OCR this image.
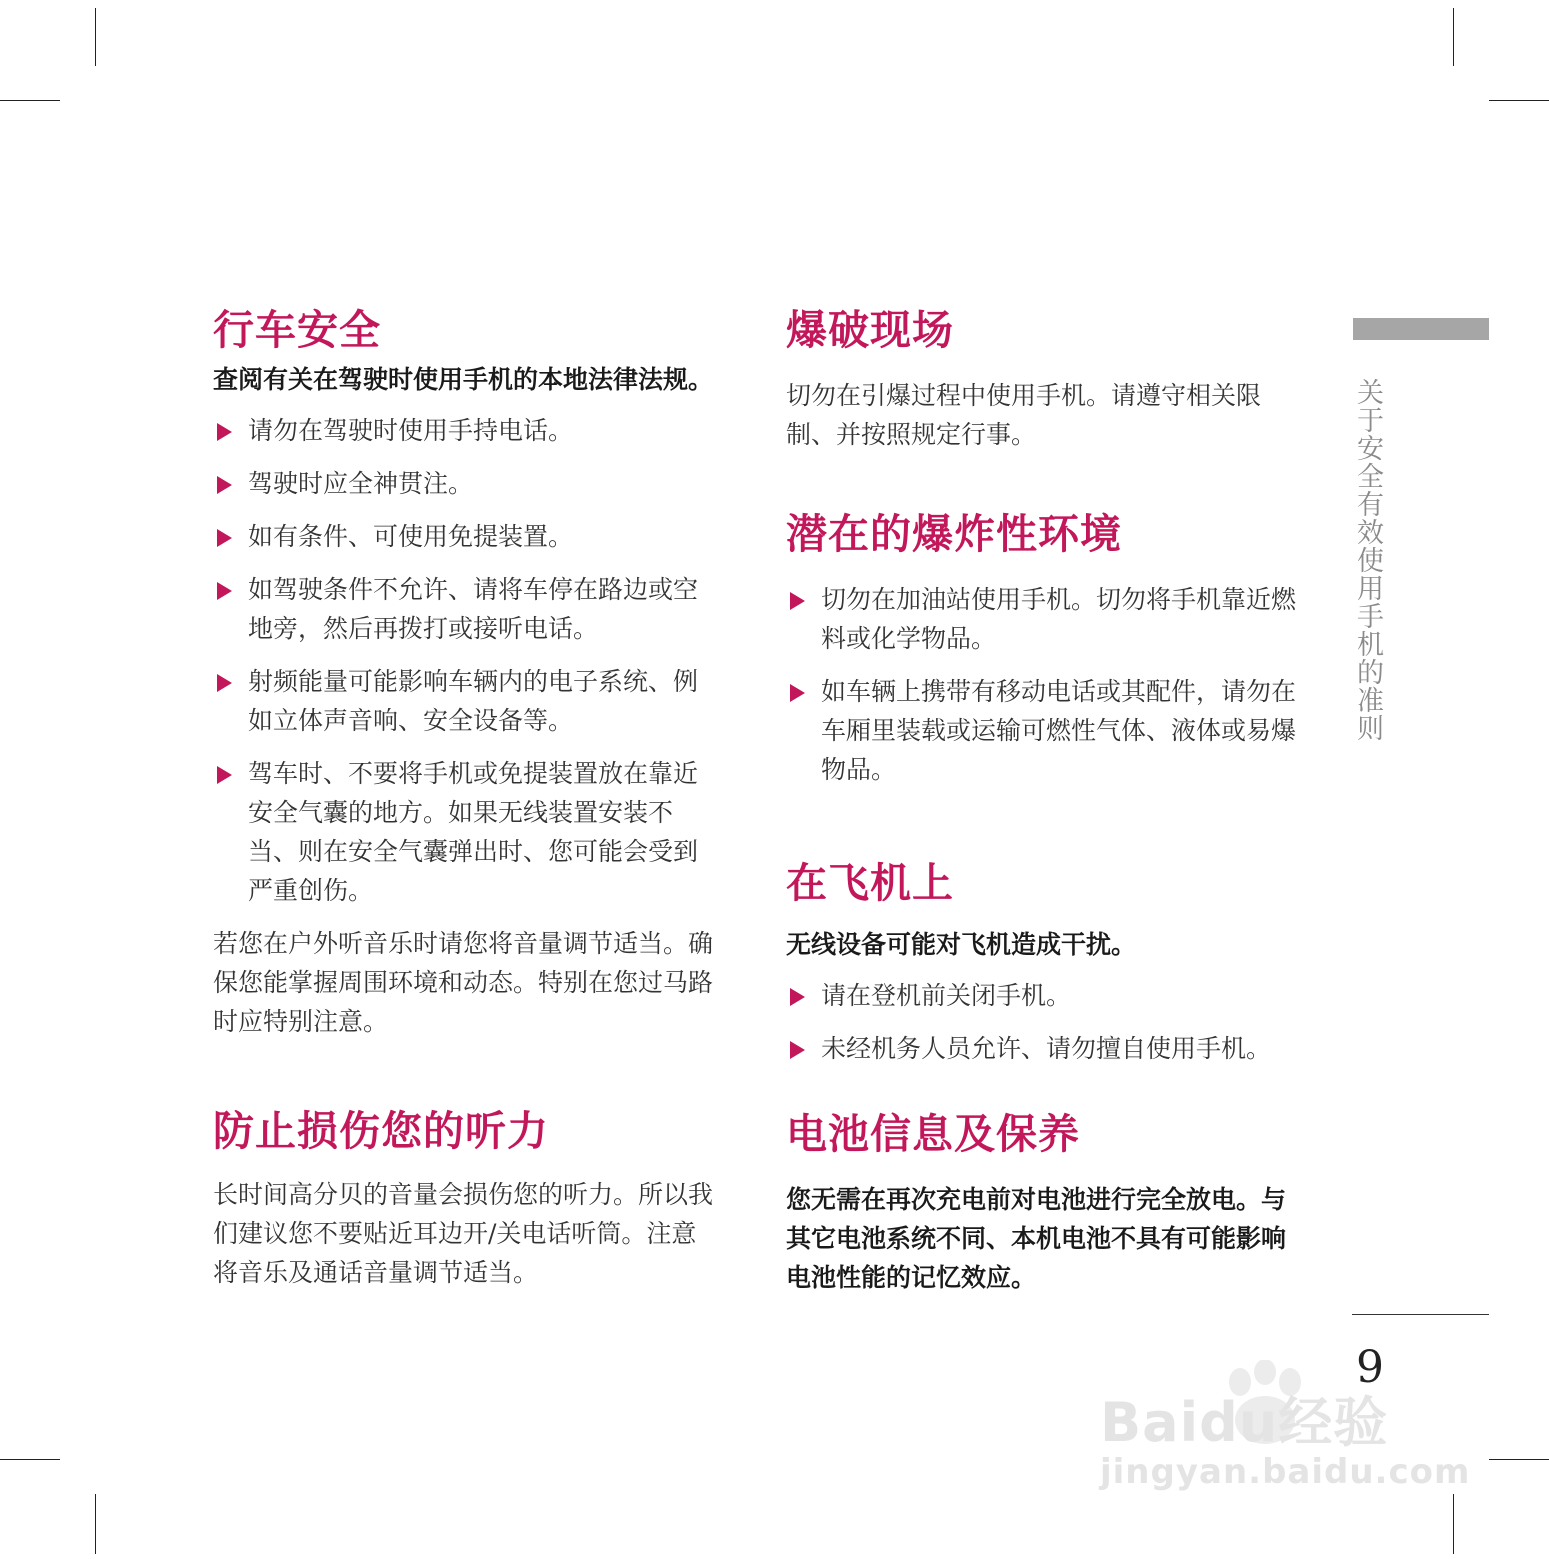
行车安全

查阅有关在驾驶时使用手机的本地法律法规。

请勿在驾驶时使用手持电话。
驾驶时应全神贯注。
如有条件、可使用免提装置。
如驾驶条件不允许、请将车停在路边或空地旁，然后再拨打或接听电话。
射频能量可能影响车辆内的电子系统、例如立体声音响、安全设备等。
驾车时、不要将手机或免提装置放在靠近安全气囊的地方。如果无线装置安装不当、则在安全气囊弹出时、您可能会受到严重创伤。

若您在户外听音乐时请您将音量调节适当。确保您能掌握周围环境和动态。特别在您过马路时应特别注意。

防止损伤您的听力

长时间高分贝的音量会损伤您的听力。所以我们建议您不要贴近耳边开/关电话听筒。注意将音乐及通话音量调节适当。

爆破现场

切勿在引爆过程中使用手机。请遵守相关限制、并按照规定行事。

潜在的爆炸性环境
切勿在加油站使用手机。切勿将手机靠近燃料或化学物品。
如车辆上携带有移动电话或其配件，请勿在车厢里装载或运输可燃性气体、液体或易爆物品。
在飞机上

无线设备可能对飞机造成干扰。

请在登机前关闭手机。
未经机务人员允许、请勿擅自使用手机。
电池信息及保养

您无需在再次充电前对电池进行完全放电。与其它电池系统不同、本机电池不具有可能影响电池性能的记忆效应。

关于安全有效使用手机的准则
9
Baidu经验
jingyan.baidu.com
